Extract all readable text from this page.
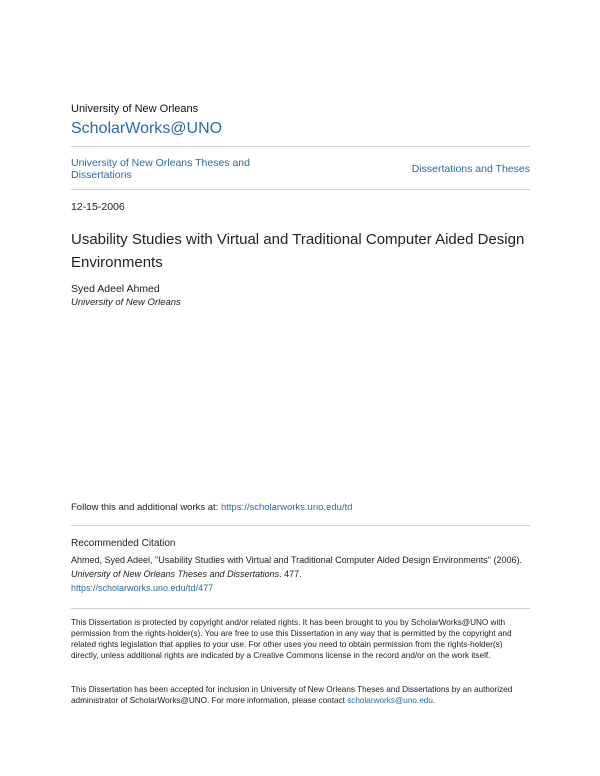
University of New Orleans
ScholarWorks@UNO
University of New Orleans Theses and Dissertations	Dissertations and Theses
12-15-2006
Usability Studies with Virtual and Traditional Computer Aided Design Environments
Syed Adeel Ahmed
University of New Orleans
Follow this and additional works at: https://scholarworks.uno.edu/td
Recommended Citation
Ahmed, Syed Adeel, "Usability Studies with Virtual and Traditional Computer Aided Design Environments" (2006). University of New Orleans Theses and Dissertations. 477.
https://scholarworks.uno.edu/td/477
This Dissertation is protected by copyright and/or related rights. It has been brought to you by ScholarWorks@UNO with permission from the rights-holder(s). You are free to use this Dissertation in any way that is permitted by the copyright and related rights legislation that applies to your use. For other uses you need to obtain permission from the rights-holder(s) directly, unless additional rights are indicated by a Creative Commons license in the record and/or on the work itself.
This Dissertation has been accepted for inclusion in University of New Orleans Theses and Dissertations by an authorized administrator of ScholarWorks@UNO. For more information, please contact scholarworks@uno.edu.
